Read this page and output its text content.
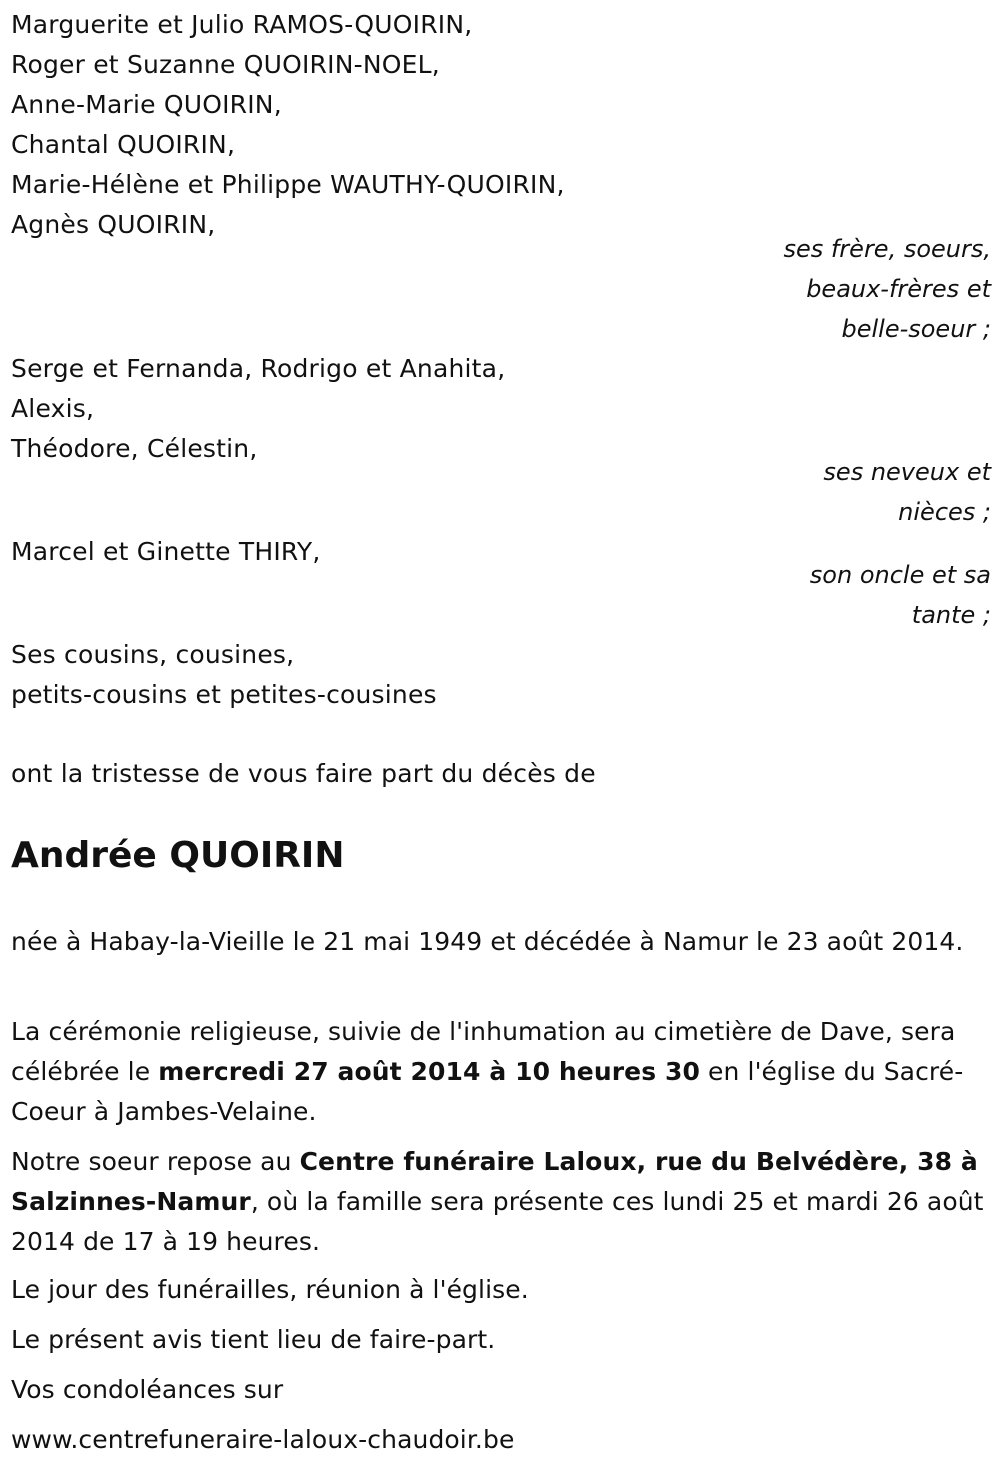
Marguerite et Julio RAMOS-QUOIRIN,
Roger et Suzanne QUOIRIN-NOEL,
Anne-Marie QUOIRIN,
Chantal QUOIRIN,
Marie-Hélène et Philippe WAUTHY-QUOIRIN,
Agnès QUOIRIN,
ses frère, soeurs,
beaux-frères et
belle-soeur ;
Serge et Fernanda, Rodrigo et Anahita,
Alexis,
Théodore, Célestin,
ses neveux et
nièces ;
Marcel et Ginette THIRY,
son oncle et sa
tante ;
Ses cousins, cousines,
petits-cousins et petites-cousines
ont la tristesse de vous faire part du décès de
Andrée QUOIRIN
née à Habay-la-Vieille le 21 mai 1949 et décédée à Namur le 23 août 2014.
La cérémonie religieuse, suivie de l'inhumation au cimetière de Dave, sera célébrée le mercredi 27 août 2014 à 10 heures 30 en l'église du Sacré-Coeur à Jambes-Velaine.
Notre soeur repose au Centre funéraire Laloux, rue du Belvédère, 38 à Salzinnes-Namur, où la famille sera présente ces lundi 25 et mardi 26 août 2014 de 17 à 19 heures.
Le jour des funérailles, réunion à l'église.
Le présent avis tient lieu de faire-part.
Vos condoléances sur
www.centrefuneraire-laloux-chaudoir.be
